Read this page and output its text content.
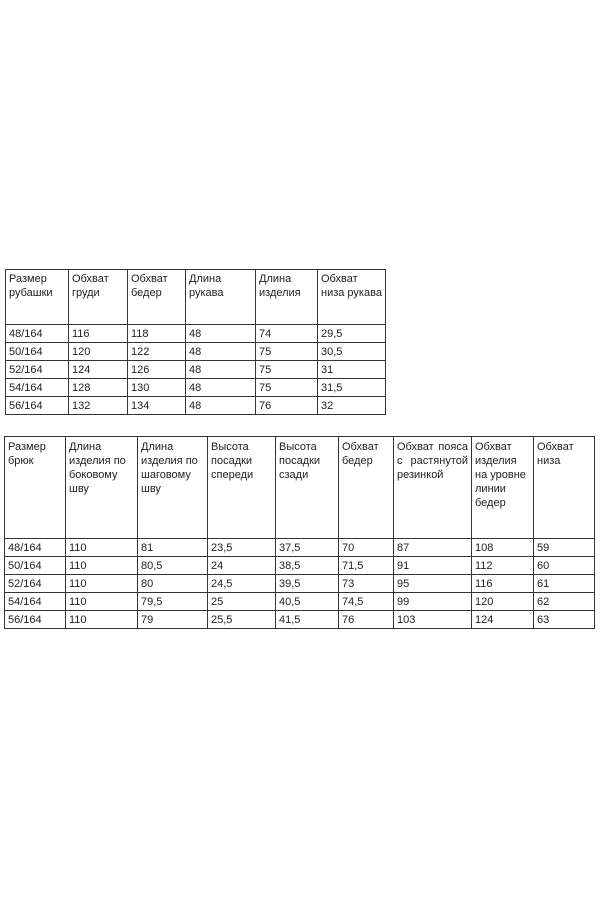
Размер рубашки	Обхват груди	Обхват бедер	Длина рукава	Длина изделия	Обхват низа рукава
48/164	116	118	48	74	29,5
50/164	120	122	48	75	30,5
52/164	124	126	48	75	31
54/164	128	130	48	75	31,5
56/164	132	134	48	76	32
Размер брюк	Длина изделия по боковому шву	Длина изделия по шаговому шву	Высота посадки спереди	Высота посадки сзади	Обхват бедер	Обхват пояса с растянутой резинкой	Обхват изделия на уровне линии бедер	Обхват низа
48/164	110	81	23,5	37,5	70	87	108	59
50/164	110	80,5	24	38,5	71,5	91	112	60
52/164	110	80	24,5	39,5	73	95	116	61
54/164	110	79,5	25	40,5	74,5	99	120	62
56/164	110	79	25,5	41,5	76	103	124	63
